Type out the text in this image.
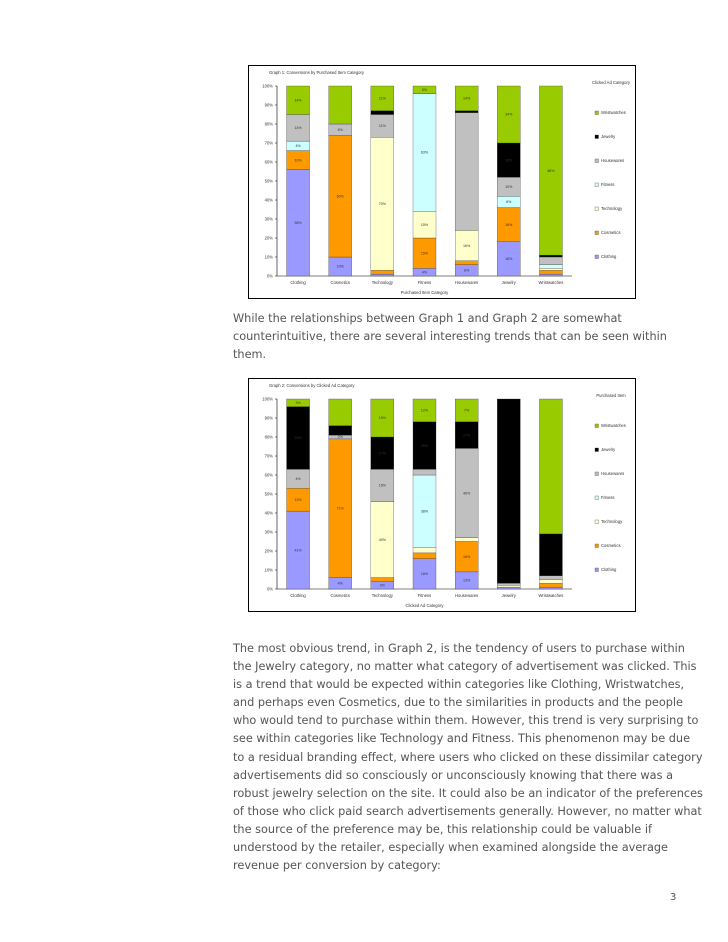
Graph 1: Conversions by Purchased Item Category
0%
10%
20%
30%
40%
50%
60%
70%
80%
90%
100%
56%
10%
4%
14%
14%
Clothing
10%
60%
6%
Cosmetics
70%
11%
11%
Technology
4%
15%
15%
63%
5%
Fitness
6%
16%
14%
Housewares
18%
16%
6%
10%
18%
34%
Jewelry
88%
Wristwatches
Purchased Item Category
Clicked Ad Category
Wristwatches
Jewelry
Housewares
Fitness
Technology
Cosmetics
Clothing

While the relationships between Graph 1 and Graph 2 are somewhat counterintuitive, there are several interesting trends that can be seen within them.

Graph 2: Conversions by Clicked Ad Category
0%
10%
20%
30%
40%
50%
60%
70%
80%
90%
100%
41%
13%
4%
33%
3%
Clothing
4%
71%
2%
Cosmetics
2%
40%
16%
17%
15%
Technology
16%
38%
25%
12%
Fitness
13%
16%
46%
17%
7%
Housewares	Jewelry	Wristwatches
Clicked Ad Category
Purchased Item
Wristwatches
Jewelry
Housewares
Fitness
Technology
Cosmetics
Clothing

The most obvious trend, in Graph 2, is the tendency of users to purchase within the Jewelry category, no matter what category of advertisement was clicked. This is a trend that would be expected within categories like Clothing, Wristwatches, and perhaps even Cosmetics, due to the similarities in products and the people who would tend to purchase within them. However, this trend is very surprising to see within categories like Technology and Fitness. This phenomenon may be due to a residual branding effect, where users who clicked on these dissimilar category advertisements did so consciously or unconsciously knowing that there was a robust jewelry selection on the site. It could also be an indicator of the preferences of those who click paid search advertisements generally. However, no matter what the source of the preference may be, this relationship could be valuable if understood by the retailer, especially when examined alongside the average revenue per conversion by category:

3
